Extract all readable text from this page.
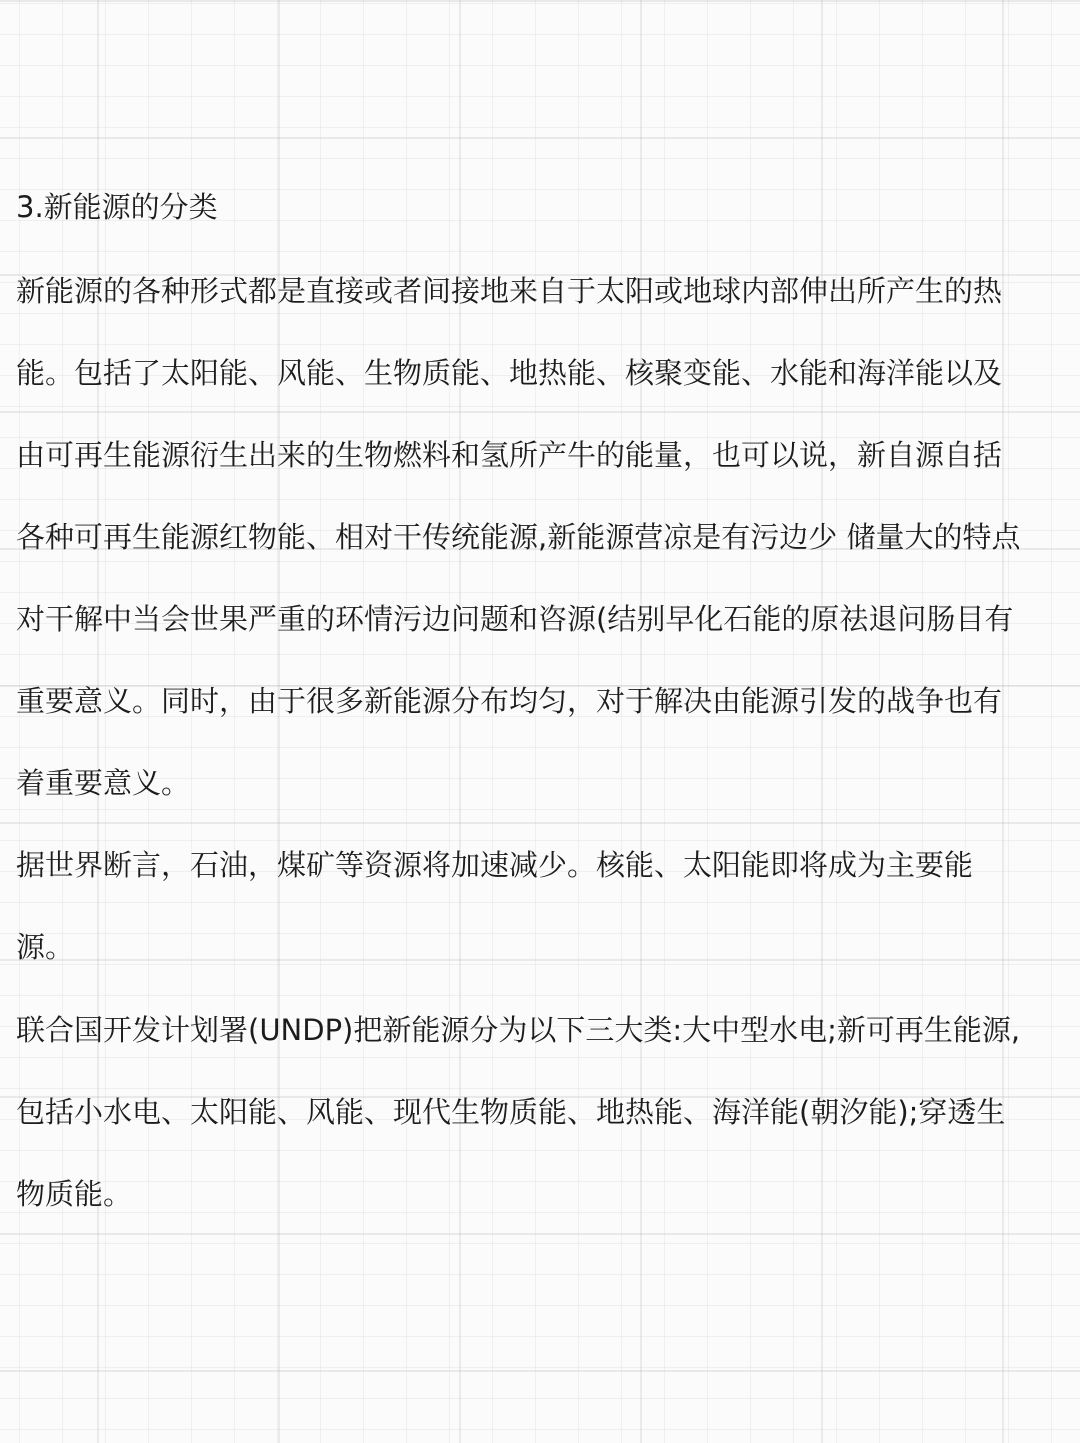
3.新能源的分类
新能源的各种形式都是直接或者间接地来自于太阳或地球内部伸出所产生的热
能。包括了太阳能、风能、生物质能、地热能、核聚变能、水能和海洋能以及
由可再生能源衍生出来的生物燃料和氢所产牛的能量，也可以说，新自源自括
各种可再生能源红物能、相对干传统能源,新能源营凉是有污边少 储量大的特点
对干解中当会世果严重的环情污边问题和咨源(结别早化石能的原祛退问肠目有
重要意义。同时，由于很多新能源分布均匀，对于解决由能源引发的战争也有
着重要意义。
据世界断言，石油，煤矿等资源将加速减少。核能、太阳能即将成为主要能
源。
联合国开发计划署(UNDP)把新能源分为以下三大类:大中型水电;新可再生能源,
包括小水电、太阳能、风能、现代生物质能、地热能、海洋能(朝汐能);穿透生
物质能。
